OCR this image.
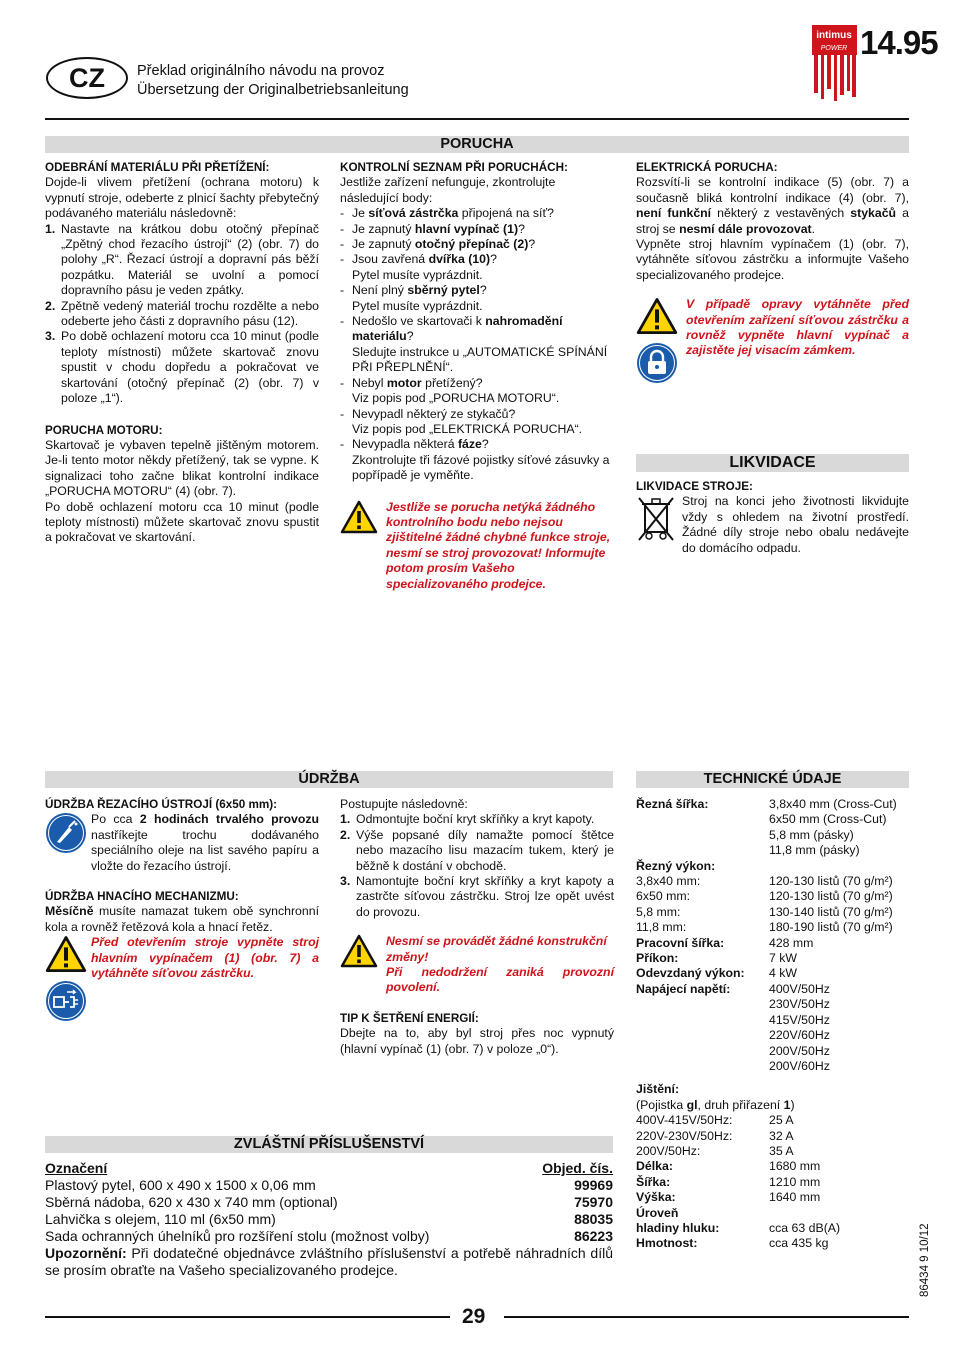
CZ Překlad originálního návodu na provoz
Übersetzung der Originalbetriebsanleitung
intimus
POWER 14.95
PORUCHA

ODEBRÁNÍ MATERIÁLU PŘI PŘETÍŽENÍ:

Dojde-li vlivem přetížení (ochrana motoru) k vypnutí stroje, odeberte z plnicí šachty přebytečný podávaného materiálu následovně:

1. Nastavte na krátkou dobu otočný přepínač „Zpětný chod řezacího ústrojí“ (2) (obr. 7) do polohy „R“. Řezací ústrojí a dopravní pás běží pozpátku. Materiál se uvolní a pomocí dopravního pásu je veden zpátky.
2. Zpětně vedený materiál trochu rozdělte a nebo odeberte jeho části z dopravního pásu (12).
3. Po době ochlazení motoru cca 10 minut (podle teploty místnosti) můžete skartovač znovu spustit v chodu dopředu a pokračovat ve skartování (otočný přepínač (2) (obr. 7) v poloze „1“).

PORUCHA MOTORU:

Skartovač je vybaven tepelně jištěným motorem. Je-li tento motor někdy přetížený, tak se vypne. K signalizaci toho začne blikat kontrolní indikace „PORUCHA MOTORU“ (4) (obr. 7).

Po době ochlazení motoru cca 10 minut (podle teploty místnosti) můžete skartovač znovu spustit a pokračovat ve skartování.

KONTROLNÍ SEZNAM PŘI PORUCHÁCH:

Jestliže zařízení nefunguje, zkontrolujte následující body:

- Je síťová zástrčka připojená na síť?
- Je zapnutý hlavní vypínač (1)?
- Je zapnutý otočný přepínač (2)?
- Jsou zavřená dvířka (10)?
Pytel musíte vyprázdnit.
- Není plný sběrný pytel?
Pytel musíte vyprázdnit.
- Nedošlo ve skartovači k nahromadění materiálu?
Sledujte instrukce u „AUTOMATICKÉ SPÍNÁNÍ PŘI PŘEPLNĚNÍ“.
- Nebyl motor přetížený?
Viz popis pod „PORUCHA MOTORU“.
- Nevypadl některý ze stykačů?
Viz popis pod „ELEKTRICKÁ PORUCHA“.
- Nevypadla některá fáze?
Zkontrolujte tři fázové pojistky síťové zásuvky a popřípadě je vyměňte.

Jestliže se porucha netýká žádného kontrolního bodu nebo nejsou zjištitelné žádné chybné funkce stroje, nesmí se stroj provozovat! Informujte potom prosím Vašeho specializovaného prodejce.

ELEKTRICKÁ PORUCHA:

Rozsvítí-li se kontrolní indikace (5) (obr. 7) a současně bliká kontrolní indikace (4) (obr. 7), není funkční některý z vestavěných stykačů a stroj se nesmí dále provozovat.

Vypněte stroj hlavním vypínačem (1) (obr. 7), vytáhněte síťovou zástrčku a informujte Vašeho specializovaného prodejce.

V případě opravy vytáhněte před otevřením zařízení síťovou zástrčku a rovněž vypněte hlavní vypínač a zajistěte jej visacím zámkem.

LIKVIDACE

LIKVIDACE STROJE:

Stroj na konci jeho životnosti likvidujte vždy s ohledem na životní prostředí. Žádné díly stroje nebo obalu nedávejte do domácího odpadu.

ÚDRŽBA

ÚDRŽBA ŘEZACÍHO ÚSTROJÍ (6x50 mm):

Po cca 2 hodinách trvalého provozu nastříkejte trochu dodávaného speciálního oleje na list savého papíru a vložte do řezacího ústrojí.

ÚDRŽBA HNACÍHO MECHANIZMU:

Měsíčně musíte namazat tukem obě synchronní kola a rovněž řetězová kola a hnací řetěz.

Před otevřením stroje vypněte stroj hlavním vypínačem (1) (obr. 7) a vytáhněte síťovou zástrčku.

Postupujte následovně:

1. Odmontujte boční kryt skříňky a kryt kapoty.
2. Výše popsané díly namažte pomocí štětce nebo mazacího lisu mazacím tukem, který je běžně k dostání v obchodě.
3. Namontujte boční kryt skříňky a kryt kapoty a zastrčte síťovou zástrčku. Stroj lze opět uvést do provozu.

Nesmí se provádět žádné konstrukční změny!

Při nedodržení zaniká provozní povolení.

TIP K ŠETŘENÍ ENERGIÍ:

Dbejte na to, aby byl stroj přes noc vypnutý (hlavní vypínač (1) (obr. 7) v poloze „0“).

TECHNICKÉ ÚDAJE
Řezná šířka:	3,8x40 mm (Cross-Cut)
6x50 mm (Cross-Cut)
5,8 mm (pásky)
11,8 mm (pásky)
Řezný výkon:
3,8x40 mm:	120-130 listů (70 g/m²)
6x50 mm:	120-130 listů (70 g/m²)
5,8 mm:	130-140 listů (70 g/m²)
11,8 mm:	180-190 listů (70 g/m²)
Pracovní šířka:	428 mm
Příkon:	7 kW
Odevzdaný výkon:	4 kW
Napájecí napětí:	400V/50Hz
230V/50Hz
415V/50Hz
220V/60Hz
200V/50Hz
200V/60Hz
Jištění:
(Pojistka gl, druh přiřazení 1)
400V-415V/50Hz:	25 A
220V-230V/50Hz:	32 A
200V/50Hz:	35 A
Délka:	1680 mm
Šířka:	1210 mm
Výška:	1640 mm
Úroveň
hladiny hluku:	cca 63 dB(A)
Hmotnost:	cca 435 kg
ZVLÁŠTNÍ PŘÍSLUŠENSTVÍ
Označení	Objed. čís.
Plastový pytel, 600 x 490 x 1500 x 0,06 mm	99969
Sběrná nádoba, 620 x 430 x 740 mm (optional)	75970
Lahvička s olejem, 110 ml (6x50 mm)	88035
Sada ochranných úhelníků pro rozšíření stolu (možnost volby)	86223

Upozornění: Při dodatečné objednávce zvláštního příslušenství a potřebě náhradních dílů se prosím obraťte na Vašeho specializovaného prodejce.	86434 9 10/12
29
